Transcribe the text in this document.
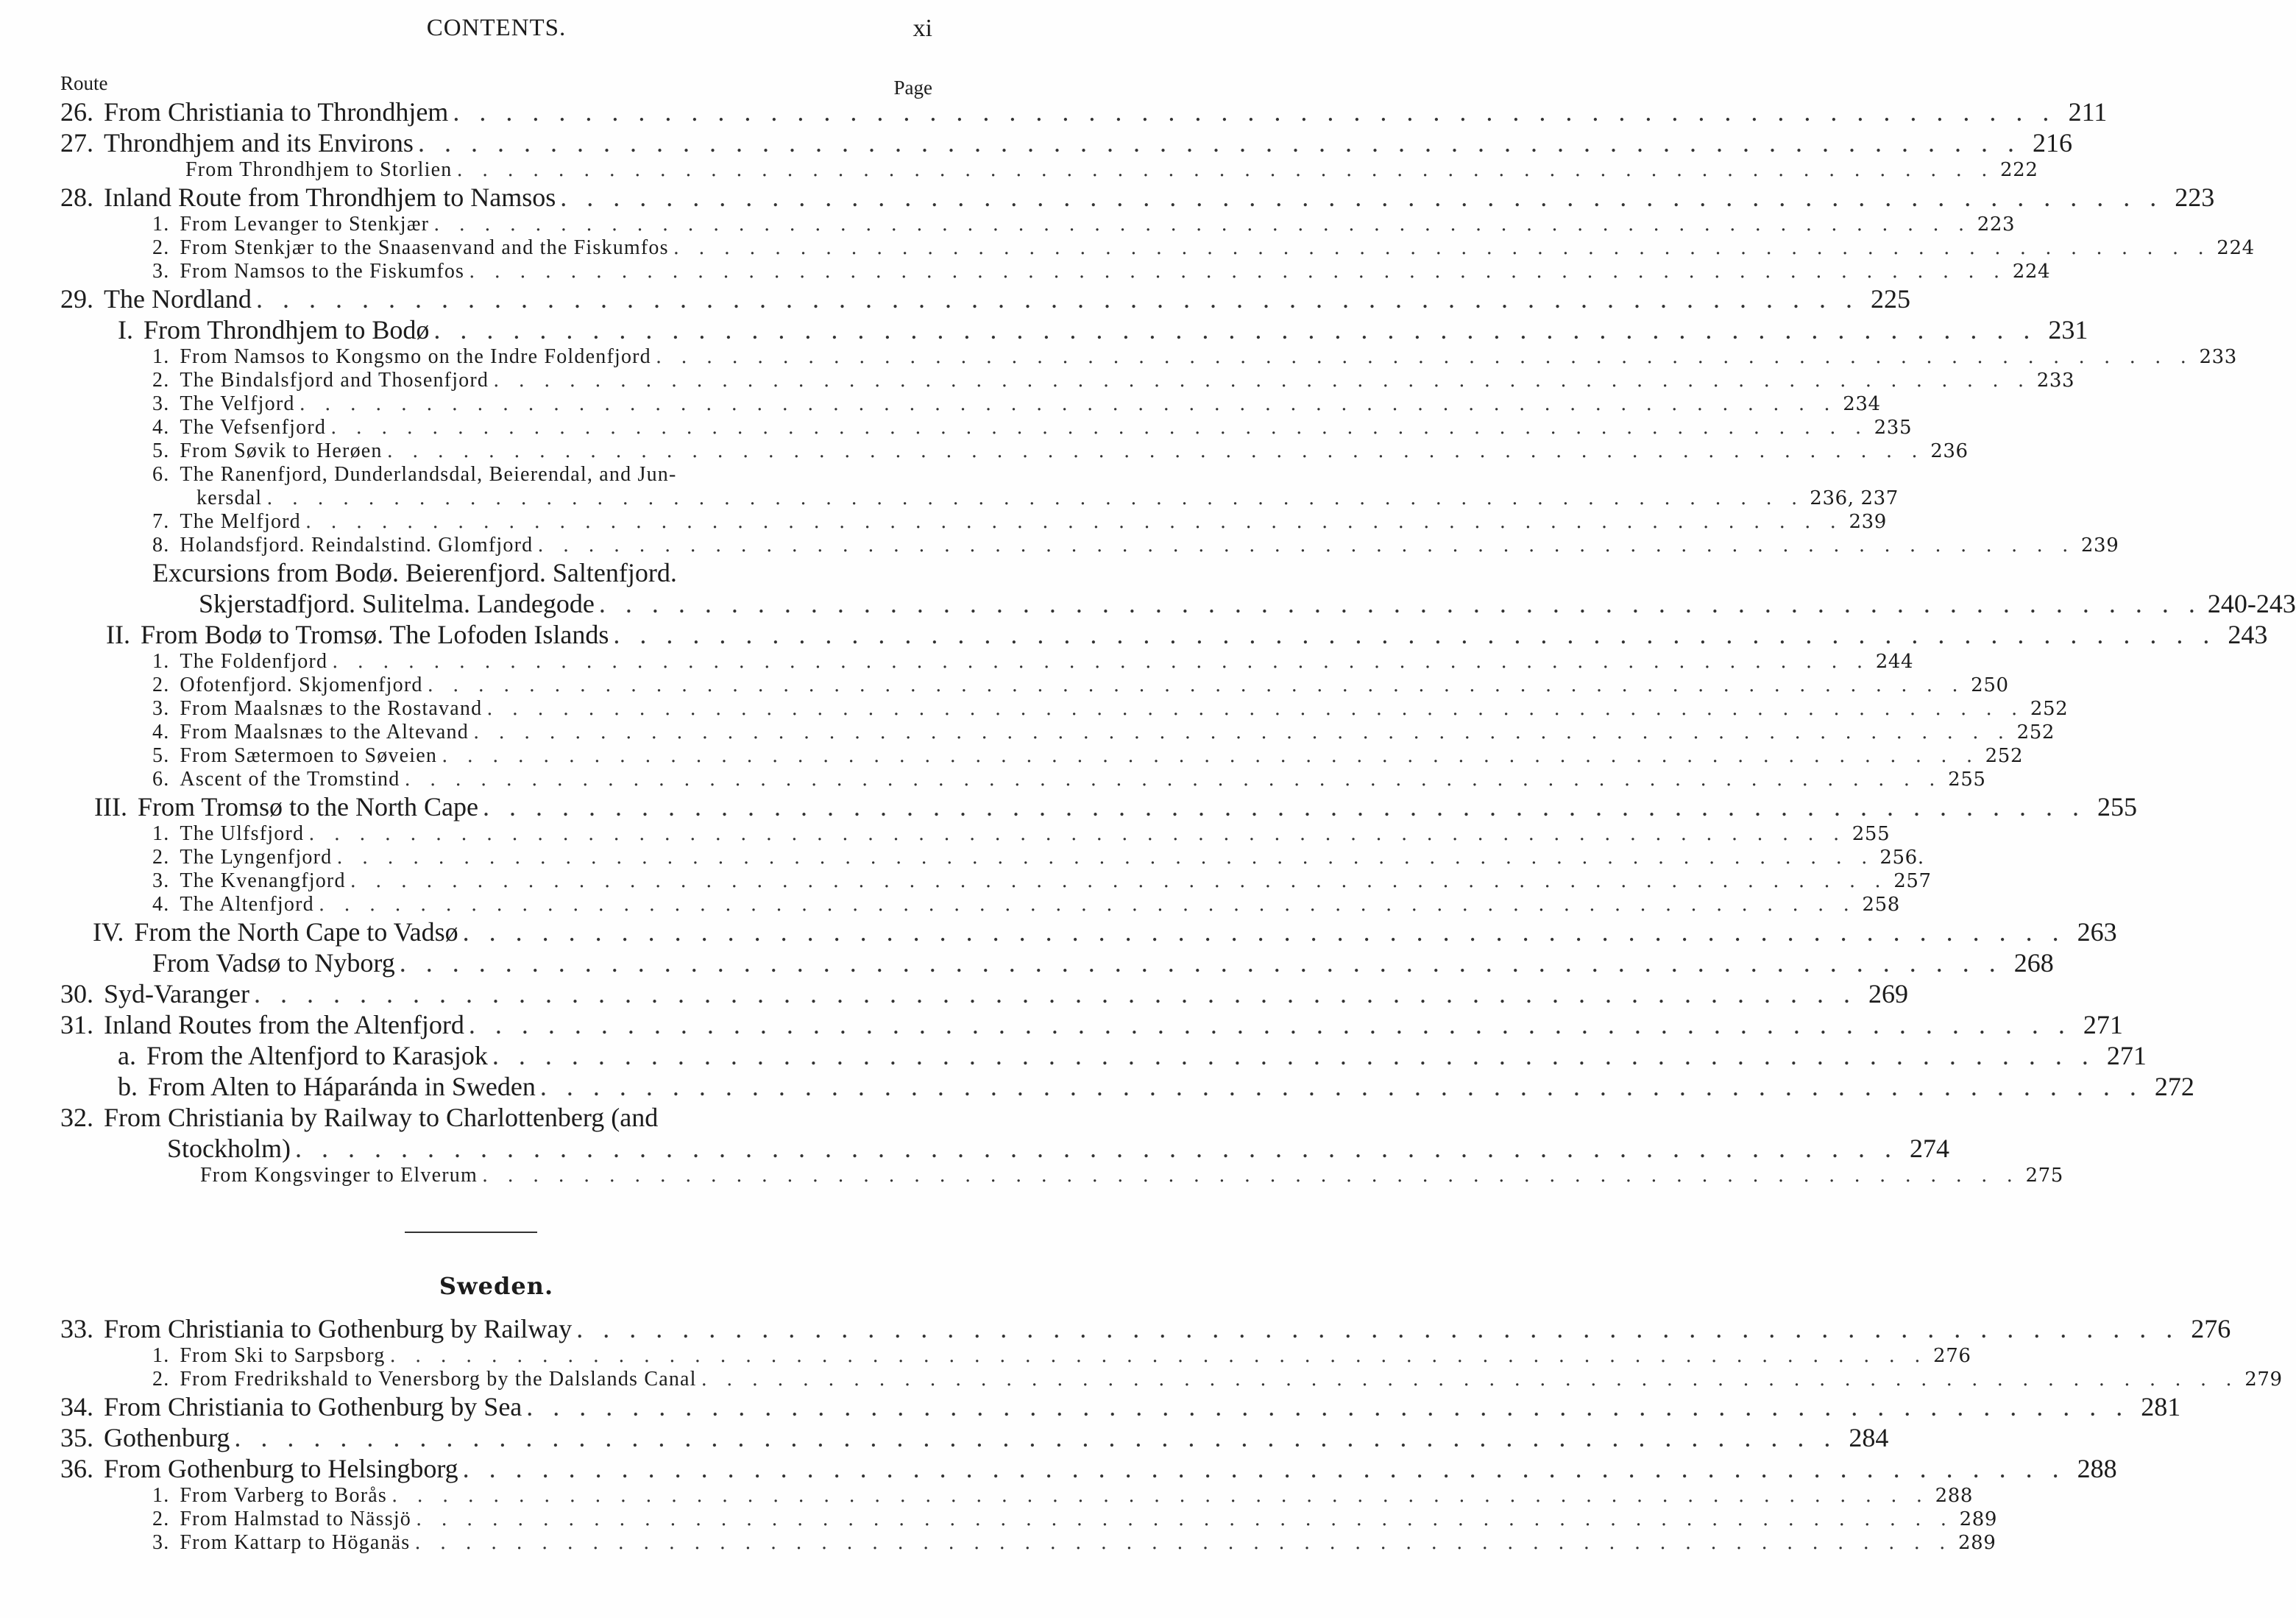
CONTENTS.	xi
Route	Page
26. From Christiania to Throndhjem . . . . . . . . . . . . . . . . . . . . . . . . . . . . . . . . . . . . . . . . . . . . . . . . . . . . . . . . . . . . . 211
27. Throndhjem and its Environs . . . . . . . . . . . . . . . . . . . . . . . . . . . . . . . . . . . . . . . . . . . . . . . . . . . . . . . . . . . . . 216
From Throndhjem to Storlien . . . . . . . . . . . . . . . . . . . . . . . . . . . . . . . . . . . . . . . . . . . . . . . . . . . . . . . . . . . . . 222
28. Inland Route from Throndhjem to Namsos . . . . . . . . . . . . . . . . . . . . . . . . . . . . . . . . . . . . . . . . . . . . . . . . . . . . . . . . . . . . . 223
1. From Levanger to Stenkjær . . . . . . . . . . . . . . . . . . . . . . . . . . . . . . . . . . . . . . . . . . . . . . . . . . . . . . . . . . . . . 223
2. From Stenkjær to the Snaasenvand and the Fiskumfos . . . . . . . . . . . . . . . . . . . . . . . . . . . . . . . . . . . . . . . . . . . . . . . . . . . . . . . . . . . . . 224
3. From Namsos to the Fiskumfos . . . . . . . . . . . . . . . . . . . . . . . . . . . . . . . . . . . . . . . . . . . . . . . . . . . . . . . . . . . . . 224
29. The Nordland . . . . . . . . . . . . . . . . . . . . . . . . . . . . . . . . . . . . . . . . . . . . . . . . . . . . . . . . . . . . . 225
I. From Throndhjem to Bodø . . . . . . . . . . . . . . . . . . . . . . . . . . . . . . . . . . . . . . . . . . . . . . . . . . . . . . . . . . . . . 231
1. From Namsos to Kongsmo on the Indre Foldenfjord . . . . . . . . . . . . . . . . . . . . . . . . . . . . . . . . . . . . . . . . . . . . . . . . . . . . . . . . . . . . . 233
2. The Bindalsfjord and Thosenfjord . . . . . . . . . . . . . . . . . . . . . . . . . . . . . . . . . . . . . . . . . . . . . . . . . . . . . . . . . . . . . 233
3. The Velfjord . . . . . . . . . . . . . . . . . . . . . . . . . . . . . . . . . . . . . . . . . . . . . . . . . . . . . . . . . . . . . 234
4. The Vefsenfjord . . . . . . . . . . . . . . . . . . . . . . . . . . . . . . . . . . . . . . . . . . . . . . . . . . . . . . . . . . . . . 235
5. From Søvik to Herøen . . . . . . . . . . . . . . . . . . . . . . . . . . . . . . . . . . . . . . . . . . . . . . . . . . . . . . . . . . . . . 236
6. The Ranenfjord, Dunderlandsdal, Beierendal, and Jun-
kersdal . . . . . . . . . . . . . . . . . . . . . . . . . . . . . . . . . . . . . . . . . . . . . . . . . . . . . . . . . . . . . 236, 237
7. The Melfjord . . . . . . . . . . . . . . . . . . . . . . . . . . . . . . . . . . . . . . . . . . . . . . . . . . . . . . . . . . . . . 239
8. Holandsfjord. Reindalstind. Glomfjord . . . . . . . . . . . . . . . . . . . . . . . . . . . . . . . . . . . . . . . . . . . . . . . . . . . . . . . . . . . . . 239
Excursions from Bodø. Beierenfjord. Saltenfjord.
Skjerstadfjord. Sulitelma. Landegode . . . . . . . . . . . . . . . . . . . . . . . . . . . . . . . . . . . . . . . . . . . . . . . . . . . . . . . . . . . . . 240-243
II. From Bodø to Tromsø. The Lofoden Islands . . . . . . . . . . . . . . . . . . . . . . . . . . . . . . . . . . . . . . . . . . . . . . . . . . . . . . . . . . . . . 243
1. The Foldenfjord . . . . . . . . . . . . . . . . . . . . . . . . . . . . . . . . . . . . . . . . . . . . . . . . . . . . . . . . . . . . . 244
2. Ofotenfjord. Skjomenfjord . . . . . . . . . . . . . . . . . . . . . . . . . . . . . . . . . . . . . . . . . . . . . . . . . . . . . . . . . . . . . 250
3. From Maalsnæs to the Rostavand . . . . . . . . . . . . . . . . . . . . . . . . . . . . . . . . . . . . . . . . . . . . . . . . . . . . . . . . . . . . . 252
4. From Maalsnæs to the Altevand . . . . . . . . . . . . . . . . . . . . . . . . . . . . . . . . . . . . . . . . . . . . . . . . . . . . . . . . . . . . . 252
5. From Sætermoen to Søveien . . . . . . . . . . . . . . . . . . . . . . . . . . . . . . . . . . . . . . . . . . . . . . . . . . . . . . . . . . . . . 252
6. Ascent of the Tromstind . . . . . . . . . . . . . . . . . . . . . . . . . . . . . . . . . . . . . . . . . . . . . . . . . . . . . . . . . . . . . 255
III. From Tromsø to the North Cape . . . . . . . . . . . . . . . . . . . . . . . . . . . . . . . . . . . . . . . . . . . . . . . . . . . . . . . . . . . . . 255
1. The Ulfsfjord . . . . . . . . . . . . . . . . . . . . . . . . . . . . . . . . . . . . . . . . . . . . . . . . . . . . . . . . . . . . . 255
2. The Lyngenfjord . . . . . . . . . . . . . . . . . . . . . . . . . . . . . . . . . . . . . . . . . . . . . . . . . . . . . . . . . . . . . 256.
3. The Kvenangfjord . . . . . . . . . . . . . . . . . . . . . . . . . . . . . . . . . . . . . . . . . . . . . . . . . . . . . . . . . . . . . 257
4. The Altenfjord . . . . . . . . . . . . . . . . . . . . . . . . . . . . . . . . . . . . . . . . . . . . . . . . . . . . . . . . . . . . . 258
IV. From the North Cape to Vadsø . . . . . . . . . . . . . . . . . . . . . . . . . . . . . . . . . . . . . . . . . . . . . . . . . . . . . . . . . . . . . 263
From Vadsø to Nyborg . . . . . . . . . . . . . . . . . . . . . . . . . . . . . . . . . . . . . . . . . . . . . . . . . . . . . . . . . . . . . 268
30. Syd-Varanger . . . . . . . . . . . . . . . . . . . . . . . . . . . . . . . . . . . . . . . . . . . . . . . . . . . . . . . . . . . . . 269
31. Inland Routes from the Altenfjord . . . . . . . . . . . . . . . . . . . . . . . . . . . . . . . . . . . . . . . . . . . . . . . . . . . . . . . . . . . . . 271
a. From the Altenfjord to Karasjok . . . . . . . . . . . . . . . . . . . . . . . . . . . . . . . . . . . . . . . . . . . . . . . . . . . . . . . . . . . . . 271
b. From Alten to Háparánda in Sweden . . . . . . . . . . . . . . . . . . . . . . . . . . . . . . . . . . . . . . . . . . . . . . . . . . . . . . . . . . . . . 272
32. From Christiania by Railway to Charlottenberg (and
Stockholm) . . . . . . . . . . . . . . . . . . . . . . . . . . . . . . . . . . . . . . . . . . . . . . . . . . . . . . . . . . . . . 274
From Kongsvinger to Elverum . . . . . . . . . . . . . . . . . . . . . . . . . . . . . . . . . . . . . . . . . . . . . . . . . . . . . . . . . . . . . 275
Sweden.
33. From Christiania to Gothenburg by Railway . . . . . . . . . . . . . . . . . . . . . . . . . . . . . . . . . . . . . . . . . . . . . . . . . . . . . . . . . . . . . 276
1. From Ski to Sarpsborg . . . . . . . . . . . . . . . . . . . . . . . . . . . . . . . . . . . . . . . . . . . . . . . . . . . . . . . . . . . . . 276
2. From Fredrikshald to Venersborg by the Dalslands Canal . . . . . . . . . . . . . . . . . . . . . . . . . . . . . . . . . . . . . . . . . . . . . . . . . . . . . . . . . . . . . 279
34. From Christiania to Gothenburg by Sea . . . . . . . . . . . . . . . . . . . . . . . . . . . . . . . . . . . . . . . . . . . . . . . . . . . . . . . . . . . . . 281
35. Gothenburg . . . . . . . . . . . . . . . . . . . . . . . . . . . . . . . . . . . . . . . . . . . . . . . . . . . . . . . . . . . . . 284
36. From Gothenburg to Helsingborg . . . . . . . . . . . . . . . . . . . . . . . . . . . . . . . . . . . . . . . . . . . . . . . . . . . . . . . . . . . . . 288
1. From Varberg to Borås . . . . . . . . . . . . . . . . . . . . . . . . . . . . . . . . . . . . . . . . . . . . . . . . . . . . . . . . . . . . . 288
2. From Halmstad to Nässjö . . . . . . . . . . . . . . . . . . . . . . . . . . . . . . . . . . . . . . . . . . . . . . . . . . . . . . . . . . . . . 289
3. From Kattarp to Höganäs . . . . . . . . . . . . . . . . . . . . . . . . . . . . . . . . . . . . . . . . . . . . . . . . . . . . . . . . . . . . . 289
